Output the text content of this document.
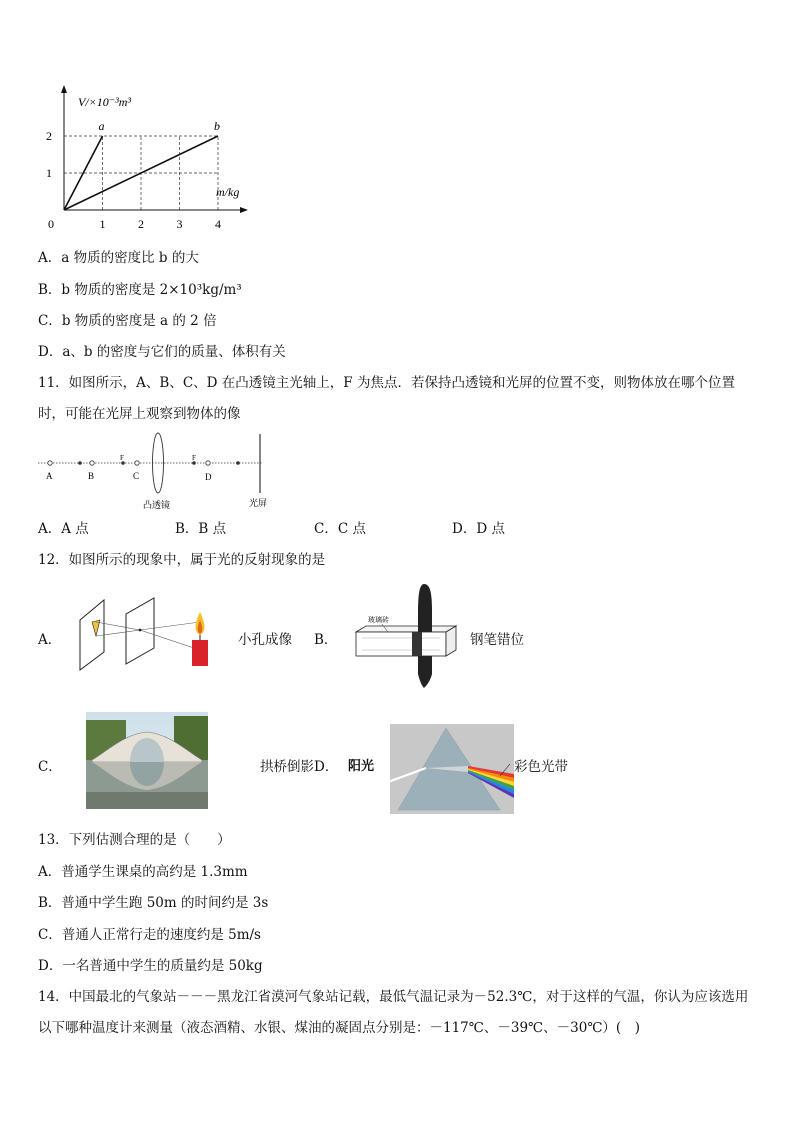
a	b
V/×10⁻³m³
m/kg
0	1	2	3	4
1
2
A．a 物质的密度比 b 的大
B．b 物质的密度是 2×10³kg/m³
C．b 物质的密度是 a 的 2 倍
D．a、b 的密度与它们的质量、体积有关
11．如图所示，A、B、C、D 在凸透镜主光轴上，F 为焦点．若保持凸透镜和光屏的位置不变，则物体放在哪个位置
时，可能在光屏上观察到物体的像
A	B
F
C
F
D
凸透镜	光屏
A．A 点	B．B 点	C．C 点	D．D 点
12．如图所示的现象中，属于光的反射现象的是
A．	小孔成像 B．
玻璃砖
钢笔错位
C．	拱桥倒影 D． 阳光	彩色光带
13．下列估测合理的是（　　）
A．普通学生课桌的高约是 1.3mm
B．普通中学生跑 50m 的时间约是 3s
C．普通人正常行走的速度约是 5m/s
D．一名普通中学生的质量约是 50kg
14．中国最北的气象站－－－黑龙江省漠河气象站记载，最低气温记录为－52.3℃，对于这样的气温，你认为应该选用
以下哪种温度计来测量（液态酒精、水银、煤油的凝固点分别是：－117℃、－39℃、－30℃）(　)
